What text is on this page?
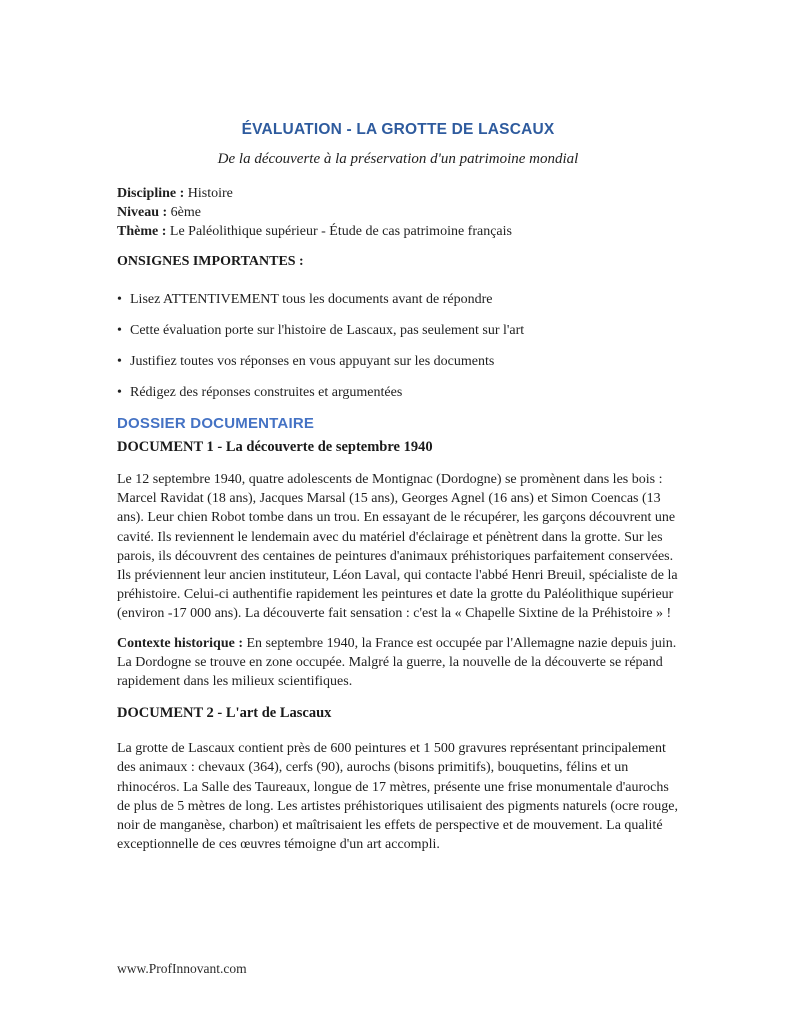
ÉVALUATION - LA GROTTE DE LASCAUX
De la découverte à la préservation d'un patrimoine mondial
Discipline : Histoire
Niveau : 6ème
Thème : Le Paléolithique supérieur - Étude de cas patrimoine français
ONSIGNES IMPORTANTES :
• Lisez ATTENTIVEMENT tous les documents avant de répondre
• Cette évaluation porte sur l'histoire de Lascaux, pas seulement sur l'art
• Justifiez toutes vos réponses en vous appuyant sur les documents
• Rédigez des réponses construites et argumentées
DOSSIER DOCUMENTAIRE
DOCUMENT 1 - La découverte de septembre 1940
Le 12 septembre 1940, quatre adolescents de Montignac (Dordogne) se promènent dans les bois : Marcel Ravidat (18 ans), Jacques Marsal (15 ans), Georges Agnel (16 ans) et Simon Coencas (13 ans). Leur chien Robot tombe dans un trou. En essayant de le récupérer, les garçons découvrent une cavité. Ils reviennent le lendemain avec du matériel d'éclairage et pénètrent dans la grotte. Sur les parois, ils découvrent des centaines de peintures d'animaux préhistoriques parfaitement conservées. Ils préviennent leur ancien instituteur, Léon Laval, qui contacte l'abbé Henri Breuil, spécialiste de la préhistoire. Celui-ci authentifie rapidement les peintures et date la grotte du Paléolithique supérieur (environ -17 000 ans). La découverte fait sensation : c'est la « Chapelle Sixtine de la Préhistoire » !
Contexte historique : En septembre 1940, la France est occupée par l'Allemagne nazie depuis juin. La Dordogne se trouve en zone occupée. Malgré la guerre, la nouvelle de la découverte se répand rapidement dans les milieux scientifiques.
DOCUMENT 2 - L'art de Lascaux
La grotte de Lascaux contient près de 600 peintures et 1 500 gravures représentant principalement des animaux : chevaux (364), cerfs (90), aurochs (bisons primitifs), bouquetins, félins et un rhinocéros. La Salle des Taureaux, longue de 17 mètres, présente une frise monumentale d'aurochs de plus de 5 mètres de long. Les artistes préhistoriques utilisaient des pigments naturels (ocre rouge, noir de manganèse, charbon) et maîtrisaient les effets de perspective et de mouvement. La qualité exceptionnelle de ces œuvres témoigne d'un art accompli.
www.ProfInnovant.com
